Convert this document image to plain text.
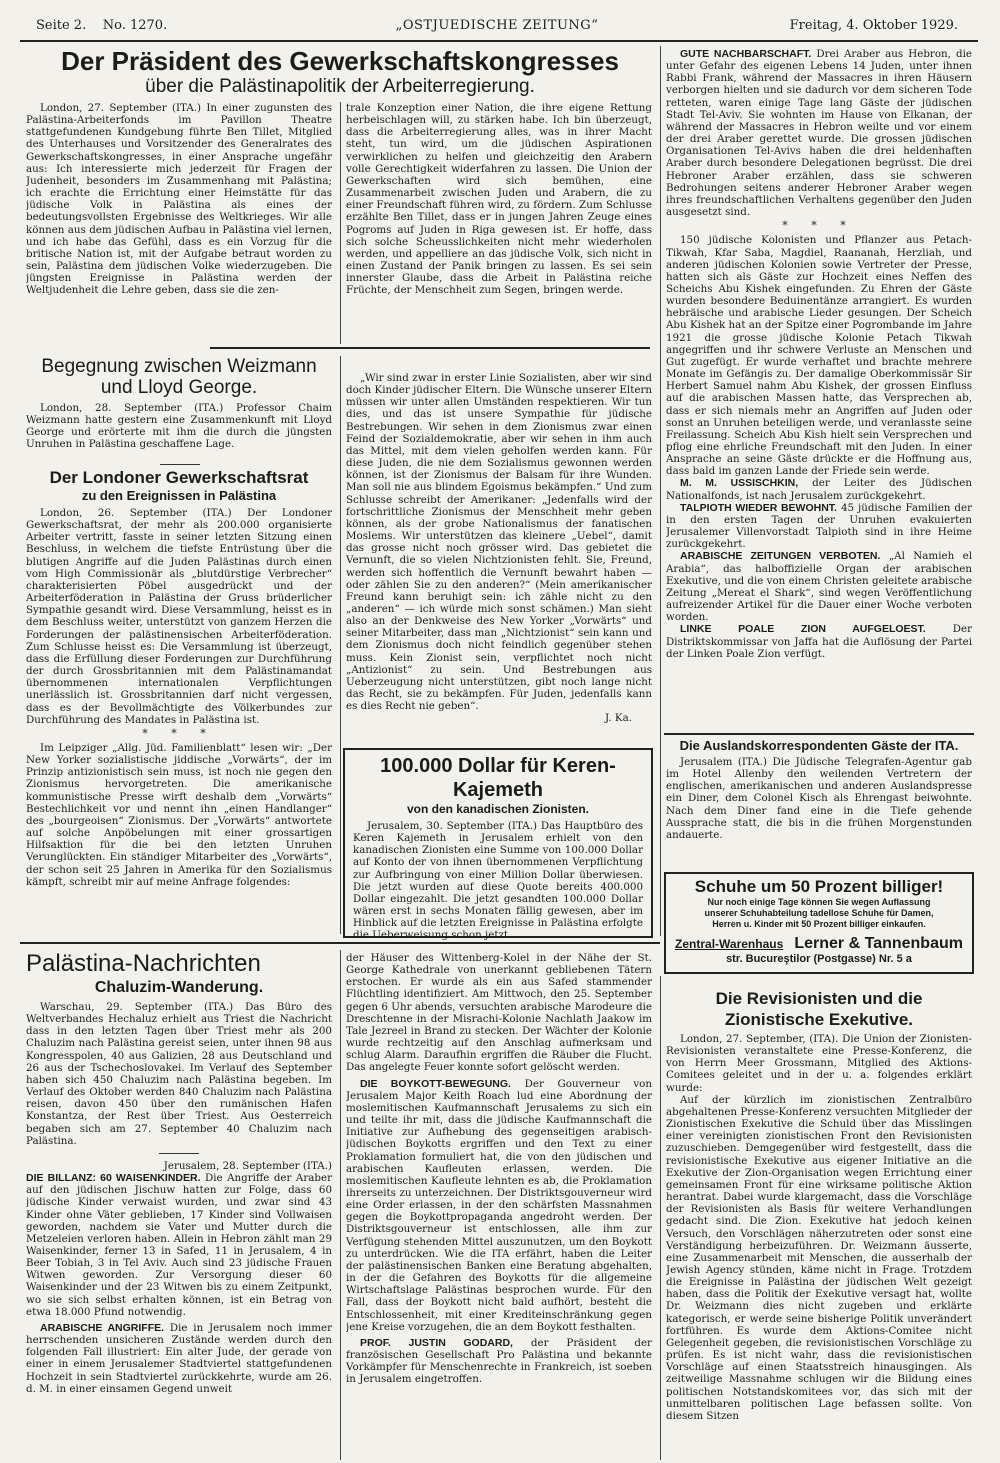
Seite 2. No. 1270.	„OSTJUEDISCHE ZEITUNG“	Freitag, 4. Oktober 1929.
Der Präsident des Gewerkschaftskongresses
über die Palästinapolitik der Arbeiterregierung.

London, 27. September (ITA.) In einer zugunsten des Palästina-Arbeiterfonds im Pavillon Theatre stattgefundenen Kundgebung führte Ben Tillet, Mitglied des Unterhauses und Vorsitzender des Generalrates des Gewerkschaftskongresses, in einer Ansprache ungefähr aus: Ich interessierte mich jederzeit für Fragen der Judenheit, besonders im Zusammenhang mit Palästina; ich erachte die Errichtung einer Heimstätte für das jüdische Volk in Palästina als eines der bedeutungsvollsten Ergebnisse des Weltkrieges. Wir alle können aus dem jüdischen Aufbau in Palästina viel lernen, und ich habe das Gefühl, dass es ein Vorzug für die britische Nation ist, mit der Aufgabe betraut worden zu sein, Palästina dem jüdischen Volke wiederzugeben. Die jüngsten Ereignisse in Palästina werden der Weltjudenheit die Lehre geben, dass sie die zen-

trale Konzeption einer Nation, die ihre eigene Rettung herbeischlagen will, zu stärken habe. Ich bin überzeugt, dass die Arbeiterregierung alles, was in ihrer Macht steht, tun wird, um die jüdischen Aspirationen verwirklichen zu helfen und gleichzeitig den Arabern volle Gerechtigkeit widerfahren zu lassen. Die Union der Gewerkschaften wird sich bemühen, eine Zusammenarbeit zwischen Juden und Arabern, die zu einer Freundschaft führen wird, zu fördern. Zum Schlusse erzählte Ben Tillet, dass er in jungen Jahren Zeuge eines Pogroms auf Juden in Riga gewesen ist. Er hoffe, dass sich solche Scheusslichkeiten nicht mehr wiederholen werden, und appelliere an das jüdische Volk, sich nicht in einen Zustand der Panik bringen zu lassen. Es sei sein innerster Glaube, dass die Arbeit in Palästina reiche Früchte, der Menschheit zum Segen, bringen werde.

Begegnung zwischen Weizmann und Lloyd George.

London, 28. September (ITA.) Professor Chaim Weizmann hatte gestern eine Zusammenkunft mit Lloyd George und erörterte mit ihm die durch die jüngsten Unruhen in Palästina geschaffene Lage.

Der Londoner Gewerkschaftsrat
zu den Ereignissen in Palästina

London, 26. September (ITA.) Der Londoner Gewerkschaftsrat, der mehr als 200.000 organisierte Arbeiter vertritt, fasste in seiner letzten Sitzung einen Beschluss, in welchem die tiefste Entrüstung über die blutigen Angriffe auf die Juden Palästinas durch einen vom High Commissionär als „blutdürstige Verbrecher“ charakterisierten Pöbel ausgedrückt und der Arbeiterföderation in Palästina der Gruss brüderlicher Sympathie gesandt wird. Diese Versammlung, heisst es in dem Beschluss weiter, unterstützt von ganzem Herzen die Forderungen der palästinensischen Arbeiterföderation. Zum Schlusse heisst es: Die Versammlung ist überzeugt, dass die Erfüllung dieser Forderungen zur Durchführung der durch Grossbritannien mit dem Palästinamandat übernommenen internationalen Verpflichtungen unerlässlich ist. Grossbritannien darf nicht vergessen, dass es der Bevollmächtigte des Völkerbundes zur Durchführung des Mandates in Palästina ist.

* * *

Im Leipziger „Allg. Jüd. Familienblatt“ lesen wir: „Der New Yorker sozialistische jiddische „Vorwärts“, der im Prinzip antizionistisch sein muss, ist noch nie gegen den Zionismus hervorgetreten. Die amerikanische kommunistische Presse wirft deshalb dem „Vorwärts“ Bestechlichkeit vor und nennt ihn „einen Handlanger“ des „bourgeoisen“ Zionismus. Der „Vorwärts“ antwortete auf solche Anpöbelungen mit einer grossartigen Hilfsaktion für die bei den letzten Unruhen Verunglückten. Ein ständiger Mitarbeiter des „Vorwärts“, der schon seit 25 Jahren in Amerika für den Sozialismus kämpft, schreibt mir auf meine Anfrage folgendes:

„Wir sind zwar in erster Linie Sozialisten, aber wir sind doch Kinder jüdischer Eltern. Die Wünsche unserer Eltern müssen wir unter allen Umständen respektieren. Wir tun dies, und das ist unsere Sympathie für jüdische Bestrebungen. Wir sehen in dem Zionismus zwar einen Feind der Sozialdemokratie, aber wir sehen in ihm auch das Mittel, mit dem vielen geholfen werden kann. Für diese Juden, die nie dem Sozialismus gewonnen werden können, ist der Zionismus der Balsam für ihre Wunden. Man soll nie aus blindem Egoismus bekämpfen.“ Und zum Schlusse schreibt der Amerikaner: „Jedenfalls wird der fortschrittliche Zionismus der Menschheit mehr geben können, als der grobe Nationalismus der fanatischen Moslems. Wir unterstützen das kleinere „Uebel“, damit das grosse nicht noch grösser wird. Das gebietet die Vernunft, die so vielen Nichtzionisten fehlt. Sie, Freund, werden sich hoffentlich die Vernunft bewahrt haben — oder zählen Sie zu den anderen?“ (Mein amerikanischer Freund kann beruhigt sein: ich zähle nicht zu den „anderen“ — ich würde mich sonst schämen.) Man sieht also an der Denkweise des New Yorker „Vorwärts“ und seiner Mitarbeiter, dass man „Nichtzionist“ sein kann und dem Zionismus doch nicht feindlich gegenüber stehen muss. Kein Zionist sein, verpflichtet noch nicht „Antizionist“ zu sein. Und Bestrebungen aus Ueberzeugung nicht unterstützen, gibt noch lange nicht das Recht, sie zu bekämpfen. Für Juden, jedenfalls kann es dies Recht nie geben“.

J. Ka.
100.000 Dollar für Keren-Kajemeth
von den kanadischen Zionisten.

Jerusalem, 30. September (ITA.) Das Hauptbüro des Keren Kajemeth in Jerusalem erhielt von den kanadischen Zionisten eine Summe von 100.000 Dollar auf Konto der von ihnen übernommenen Verpflichtung zur Aufbringung von einer Million Dollar überwiesen. Die jetzt wurden auf diese Quote bereits 400.000 Dollar eingezahlt. Die jetzt gesandten 100.000 Dollar wären erst in sechs Monaten fällig gewesen, aber im Hinblick auf die letzten Ereignisse in Palästina erfolgte die Ueberweisung schon jetzt.

GUTE NACHBARSCHAFT. Drei Araber aus Hebron, die unter Gefahr des eigenen Lebens 14 Juden, unter ihnen Rabbi Frank, während der Massacres in ihren Häusern verborgen hielten und sie dadurch vor dem sicheren Tode retteten, waren einige Tage lang Gäste der jüdischen Stadt Tel-Aviv. Sie wohnten im Hause von Elkanan, der während der Massacres in Hebron weilte und vor einem der drei Araber gerettet wurde. Die grossen jüdischen Organisationen Tel-Avivs haben die drei heldenhaften Araber durch besondere Delegationen begrüsst. Die drei Hebroner Araber erzählen, dass sie schweren Bedrohungen seitens anderer Hebroner Araber wegen ihres freundschaftlichen Verhaltens gegenüber den Juden ausgesetzt sind.

* * *

150 jüdische Kolonisten und Pflanzer aus Petach-Tikwah, Kfar Saba, Magdiel, Raananah, Herzliah, und anderen jüdischen Kolonien sowie Vertreter der Presse, hatten sich als Gäste zur Hochzeit eines Neffen des Scheichs Abu Kishek eingefunden. Zu Ehren der Gäste wurden besondere Beduinentänze arrangiert. Es wurden hebräische und arabische Lieder gesungen. Der Scheich Abu Kishek hat an der Spitze einer Pogrombande im Jahre 1921 die grosse jüdische Kolonie Petach Tikwah angegriffen und ihr schwere Verluste an Menschen und Gut zugefügt. Er wurde verhaftet und brachte mehrere Monate im Gefängis zu. Der damalige Oberkommissär Sir Herbert Samuel nahm Abu Kishek, der grossen Einfluss auf die arabischen Massen hatte, das Versprechen ab, dass er sich niemals mehr an Angriffen auf Juden oder sonst an Unruhen beteiligen werde, und veranlasste seine Freilassung. Scheich Abu Kish hielt sein Versprechen und pflog eine ehrliche Freundschaft mit den Juden. In einer Ansprache an seine Gäste drückte er die Hoffnung aus, dass bald im ganzen Lande der Friede sein werde.

M. M. USSISCHKIN, der Leiter des Jüdischen Nationalfonds, ist nach Jerusalem zurückgekehrt.

TALPIOTH WIEDER BEWOHNT. 45 jüdische Familien der in den ersten Tagen der Unruhen evakuierten Jerusalemer Villenvorstadt Talpioth sind in ihre Heime zurückgekehrt.

ARABISCHE ZEITUNGEN VERBOTEN. „Al Namieh el Arabia“, das halboffizielle Organ der arabischen Exekutive, und die von einem Christen geleitete arabische Zeitung „Mereat el Shark“, sind wegen Veröffentlichung aufreizender Artikel für die Dauer einer Woche verboten worden.

LINKE POALE ZION AUFGELOEST.	Der Distriktskommissar von Jaffa hat die Auflösung der Partei der Linken Poale Zion verfügt.

Die Auslandskorrespondenten Gäste der ITA.

Jerusalem (ITA.) Die Jüdische Telegrafen-Agentur gab im Hotel Allenby den weilenden Vertretern der englischen, amerikanischen und anderen Auslandspresse ein Diner, dem Colonel Kisch als Ehrengast beiwohnte. Nach dem Diner fand eine in die Tiefe gehende Aussprache statt, die bis in die frühen Morgenstunden andauerte.

Schuhe um 50 Prozent billiger!
Nur noch einige Tage können Sie wegen Auflassung
unserer Schuhabteilung tadellose Schuhe für Damen,
Herren u. Kinder mit 50 Prozent billiger einkaufen.
Zentral-Warenhaus Lerner & Tannenbaum
str. Bucureştilor (Postgasse) Nr. 5 a
Palästina-Nachrichten
Chaluzim-Wanderung.

Warschau, 29. September (ITA.) Das Büro des Weltverbandes Hechaluz erhielt aus Triest die Nachricht dass in den letzten Tagen über Triest mehr als 200 Chaluzim nach Palästina gereist seien, unter ihnen 98 aus Kongresspolen, 40 aus Galizien, 28 aus Deutschland und 26 aus der Tschechoslovakei. Im Verlauf des September haben sich 450 Chaluzim nach Palästina begeben. Im Verlauf des Oktober werden 840 Chaluzim nach Palästina reisen, davon 450 über den rumänischen Hafen Konstantza, der Rest über Triest. Aus Oesterreich begaben sich am 27. September 40 Chaluzim nach Palästina.

Jerusalem, 28. September (ITA.)

DIE BILLANZ: 60 WAISENKINDER. Die Angriffe der Araber auf den jüdischen Jischuw hatten zur Folge, dass 60 jüdische Kinder verwaist wurden, und zwar sind 43 Kinder ohne Väter geblieben, 17 Kinder sind Vollwaisen geworden, nachdem sie Vater und Mutter durch die Metzeleien verloren haben. Allein in Hebron zählt man 29 Waisenkinder, ferner 13 in Safed, 11 in Jerusalem, 4 in Beer Tobiah, 3 in Tel Aviv. Auch sind 23 jüdische Frauen Witwen geworden. Zur Versorgung dieser 60 Waisenkinder und der 23 Witwen bis zu einem Zeitpunkt, wo sie sich selbst erhalten können, ist ein Betrag von etwa 18.000 Pfund notwendig.

ARABISCHE ANGRIFFE. Die in Jerusalem noch immer herrschenden unsicheren Zustände werden durch den folgenden Fall illustriert: Ein alter Jude, der gerade von einer in einem Jerusalemer Stadtviertel stattgefundenen Hochzeit in sein Stadtviertel zurückkehrte, wurde am 26. d. M. in einer einsamen Gegend unweit

der Häuser des Wittenberg-Kolel in der Nähe der St. George Kathedrale von unerkannt gebliebenen Tätern erstochen. Er wurde als ein aus Safed stammender Flüchtling identifiziert. Am Mittwoch, den 25. September gegen 6 Uhr abends, versuchten arabische Marodeure die Dreschtenne in der Misrachi-Kolonie Nachlath Jaakow im Tale Jezreel in Brand zu stecken. Der Wächter der Kolonie wurde rechtzeitig auf den Anschlag aufmerksam und schlug Alarm. Daraufhin ergriffen die Räuber die Flucht. Das angelegte Feuer konnte sofort gelöscht werden.

DIE BOYKOTT-BEWEGUNG. Der Gouverneur von Jerusalem Major Keith Roach lud eine Abordnung der moslemitischen Kaufmannschaft Jerusalems zu sich ein und teilte ihr mit, dass die jüdische Kaufmannschaft die Initiative zur Aufhebung des gegenseitigen arabisch-jüdischen Boykotts ergriffen und den Text zu einer Proklamation formuliert hat, die von den jüdischen und arabischen Kaufleuten erlassen, werden. Die moslemitischen Kaufleute lehnten es ab, die Proklamation ihrerseits zu unterzeichnen. Der Distriktsgouverneur wird eine Order erlassen, in der den schärfsten Massnahmen gegen die Boykottpropaganda angedroht werden. Der Distriktsgouverneur ist entschlossen, alle ihm zur Verfügung stehenden Mittel auszunutzen, um den Boykott zu unterdrücken. Wie die ITA erfährt, haben die Leiter der palästinensischen Banken eine Beratung abgehalten, in der die Gefahren des Boykotts für die allgemeine Wirtschaftslage Palästinas besprochen wurde. Für den Fall, dass der Boykott nicht bald aufhört, besteht die Entschlossenheit, mit einer Krediteinschränkung gegen jene Kreise vorzugehen, die an dem Boykott festhalten.

PROF. JUSTIN GODARD, der Präsident der französischen Gesellschaft Pro Palästina und bekannte Vorkämpfer für Menschenrechte in Frankreich, ist soeben in Jerusalem eingetroffen.

Die Revisionisten und die Zionistische Exekutive.

London, 27. September, (ITA). Die Union der Zionisten-Revisionisten veranstaltete eine Presse-Konferenz, die von Herrn Meer Grossmann, Mitglied des Aktions-Comitees geleitet und in der u. a. folgendes erklärt wurde:

Auf der kürzlich im zionistischen Zentralbüro abgehaltenen Presse-Konferenz versuchten Mitglieder der Zionistischen Exekutive die Schuld über das Misslingen einer vereinigten zionistischen Front den Revisionisten zuzuschieben. Demgegenüber wird festgestellt, dass die revisionistische Exekutive aus eigener Initiative an die Exekutive der Zion-Organisation wegen Errichtung einer gemeinsamen Front für eine wirksame politische Aktion herantrat. Dabei wurde klargemacht, dass die Vorschläge der Revisionisten als Basis für weitere Verhandlungen gedacht sind. Die Zion. Exekutive hat jedoch keinen Versuch, den Vorschlägen näherzutreten oder sonst eine Verständigung herbeizuführen. Dr. Weizmann äusserte, eine Zusammenarbeit mit Menschen, die ausserhalb der Jewish Agency stünden, käme nicht in Frage. Trotzdem die Ereignisse in Palästina der jüdischen Welt gezeigt haben, dass die Politik der Exekutive versagt hat, wollte Dr. Weizmann dies nicht zugeben und erklärte kategorisch, er werde seine bisherige Politik unverändert fortführen. Es wurde dem Aktions-Comitee nicht Gelegenheit gegeben, die revisionistischen Vorschläge zu prüfen. Es ist nicht wahr, dass die revisionistischen Vorschläge auf einen Staatsstreich hinausgingen. Als zeitweilige Massnahme schlugen wir die Bildung eines politischen Notstandskomitees vor, das sich mit der unmittelbaren politischen Lage befassen sollte. Von diesem Sitzen
